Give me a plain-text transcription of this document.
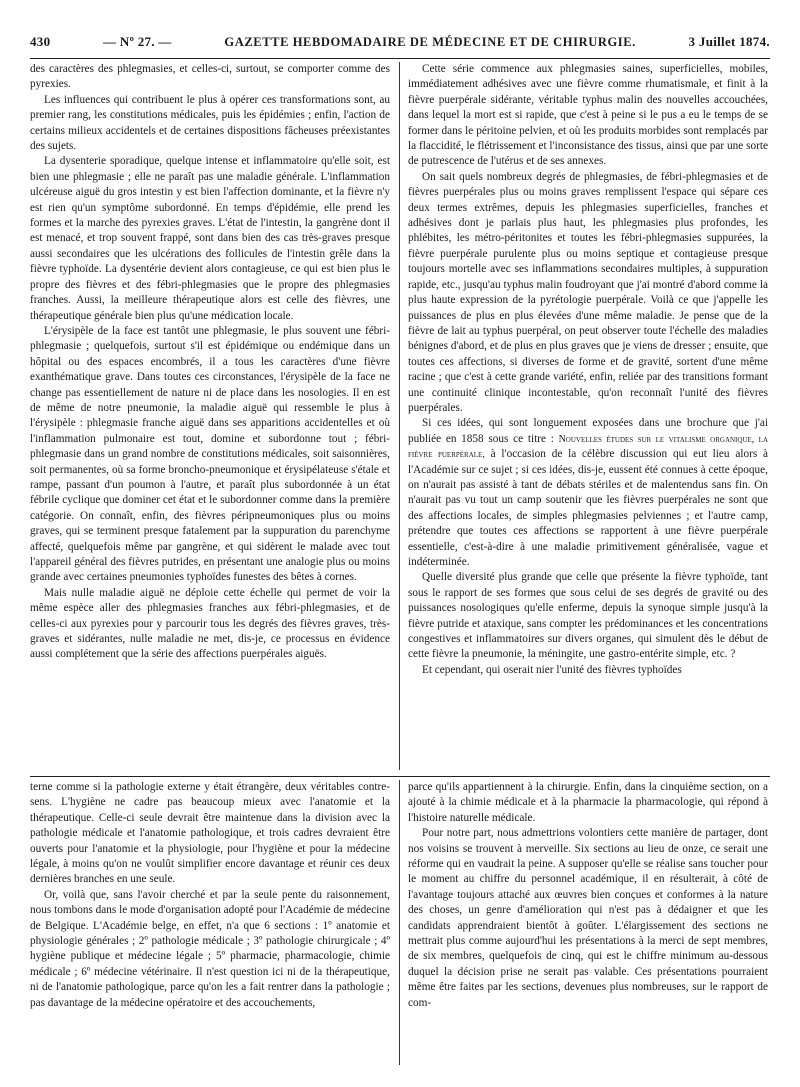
430	— Nº 27. —	GAZETTE HEBDOMADAIRE DE MÉDECINE ET DE CHIRURGIE.	3 Juillet 1874.

des caractères des phlegmasies, et celles-ci, surtout, se comporter comme des pyrexies.

Les influences qui contribuent le plus à opérer ces transformations sont, au premier rang, les constitutions médicales, puis les épidémies ; enfin, l'action de certains milieux accidentels et de certaines dispositions fâcheuses préexistantes des sujets.

La dysenterie sporadique, quelque intense et inflammatoire qu'elle soit, est bien une phlegmasie ; elle ne paraît pas une maladie générale. L'inflammation ulcéreuse aiguë du gros intestin y est bien l'affection dominante, et la fièvre n'y est rien qu'un symptôme subordonné. En temps d'épidémie, elle prend les formes et la marche des pyrexies graves. L'état de l'intestin, la gangrène dont il est menacé, et trop souvent frappé, sont dans bien des cas très-graves presque aussi secondaires que les ulcérations des follicules de l'intestin grêle dans la fièvre typhoïde. La dysentérie devient alors contagieuse, ce qui est bien plus le propre des fièvres et des fébri-phlegmasies que le propre des phlegmasies franches. Aussi, la meilleure thérapeutique alors est celle des fièvres, une thérapeutique générale bien plus qu'une médication locale.

L'érysipèle de la face est tantôt une phlegmasie, le plus souvent une fébri-phlegmasie ; quelquefois, surtout s'il est épidémique ou endémique dans un hôpital ou des espaces encombrés, il a tous les caractères d'une fièvre exanthématique grave. Dans toutes ces circonstances, l'érysipèle de la face ne change pas essentiellement de nature ni de place dans les nosologies. Il en est de même de notre pneumonie, la maladie aiguë qui ressemble le plus à l'érysipèle : phlegmasie franche aiguë dans ses apparitions accidentelles et où l'inflammation pulmonaire est tout, domine et subordonne tout ; fébri-phlegmasie dans un grand nombre de constitutions médicales, soit saisonnières, soit permanentes, où sa forme broncho-pneumonique et érysipélateuse s'étale et rampe, passant d'un poumon à l'autre, et paraît plus subordonnée à un état fébrile cyclique que dominer cet état et le subordonner comme dans la première catégorie. On connaît, enfin, des fièvres péripneumoniques plus ou moins graves, qui se terminent presque fatalement par la suppuration du parenchyme affecté, quelquefois même par gangrène, et qui sidèrent le malade avec tout l'appareil général des fièvres putrides, en présentant une analogie plus ou moins grande avec certaines pneumonies typhoïdes funestes des bêtes à cornes.

Mais nulle maladie aiguë ne déploie cette échelle qui permet de voir la même espèce aller des phlegmasies franches aux fébri-phlegmasies, et de celles-ci aux pyrexies pour y parcourir tous les degrés des fièvres graves, très-graves et sidérantes, nulle maladie ne met, dis-je, ce processus en évidence aussi complétement que la série des affections puerpérales aiguës.

Cette série commence aux phlegmasies saines, superficielles, mobiles, immédiatement adhésives avec une fièvre comme rhumatismale, et finit à la fièvre puerpérale sidérante, véritable typhus malin des nouvelles accouchées, dans lequel la mort est si rapide, que c'est à peine si le pus a eu le temps de se former dans le péritoine pelvien, et où les produits morbides sont remplacés par la flaccidité, le flétrissement et l'inconsistance des tissus, ainsi que par une sorte de putrescence de l'utérus et de ses annexes.

On sait quels nombreux degrés de phlegmasies, de fébri-phlegmasies et de fièvres puerpérales plus ou moins graves remplissent l'espace qui sépare ces deux termes extrêmes, depuis les phlegmasies superficielles, franches et adhésives dont je parlais plus haut, les phlegmasies plus profondes, les phlébites, les métro-péritonites et toutes les fébri-phlegmasies suppurées, la fièvre puerpérale purulente plus ou moins septique et contagieuse presque toujours mortelle avec ses inflammations secondaires multiples, à suppuration rapide, etc., jusqu'au typhus malin foudroyant que j'ai montré d'abord comme la plus haute expression de la pyrétologie puerpérale. Voilà ce que j'appelle les puissances de plus en plus élevées d'une même maladie. Je pense que de la fièvre de lait au typhus puerpéral, on peut observer toute l'échelle des maladies bénignes d'abord, et de plus en plus graves que je viens de dresser ; ensuite, que toutes ces affections, si diverses de forme et de gravité, sortent d'une même racine ; que c'est à cette grande variété, enfin, reliée par des transitions formant une continuité clinique incontestable, qu'on reconnaît l'unité des fièvres puerpérales.

Si ces idées, qui sont longuement exposées dans une brochure que j'ai publiée en 1858 sous ce titre : Nouvelles études sur le vitalisme organique, la fièvre puerpérale, à l'occasion de la célèbre discussion qui eut lieu alors à l'Académie sur ce sujet ; si ces idées, dis-je, eussent été connues à cette époque, on n'aurait pas assisté à tant de débats stériles et de malentendus sans fin. On n'aurait pas vu tout un camp soutenir que les fièvres puerpérales ne sont que des affections locales, de simples phlegmasies pelviennes ; et l'autre camp, prétendre que toutes ces affections se rapportent à une fièvre puerpérale essentielle, c'est-à-dire à une maladie primitivement généralisée, vague et indéterminée.

Quelle diversité plus grande que celle que présente la fièvre typhoïde, tant sous le rapport de ses formes que sous celui de ses degrés de gravité ou des puissances nosologiques qu'elle enferme, depuis la synoque simple jusqu'à la fièvre putride et ataxique, sans compter les prédominances et les concentrations congestives et inflammatoires sur divers organes, qui simulent dès le début de cette fièvre la pneumonie, la méningite, une gastro-entérite simple, etc. ?

Et cependant, qui oserait nier l'unité des fièvres typhoïdes

terne comme si la pathologie externe y était étrangère, deux véritables contre-sens. L'hygiène ne cadre pas beaucoup mieux avec l'anatomie et la thérapeutique. Celle-ci seule devrait être maintenue dans la division avec la pathologie médicale et l'anatomie pathologique, et trois cadres devraient être ouverts pour l'anatomie et la physiologie, pour l'hygiène et pour la médecine légale, à moins qu'on ne voulût simplifier encore davantage et réunir ces deux dernières branches en une seule.

Or, voilà que, sans l'avoir cherché et par la seule pente du raisonnement, nous tombons dans le mode d'organisation adopté pour l'Académie de médecine de Belgique. L'Académie belge, en effet, n'a que 6 sections : 1º anatomie et physiologie générales ; 2º pathologie médicale ; 3º pathologie chirurgicale ; 4º hygiène publique et médecine légale ; 5º pharmacie, pharmacologie, chimie médicale ; 6º médecine vétérinaire. Il n'est question ici ni de la thérapeutique, ni de l'anatomie pathologique, parce qu'on les a fait rentrer dans la pathologie ; pas davantage de la médecine opératoire et des accouchements,

parce qu'ils appartiennent à la chirurgie. Enfin, dans la cinquième section, on a ajouté à la chimie médicale et à la pharmacie la pharmacologie, qui répond à l'histoire naturelle médicale.

Pour notre part, nous admettrions volontiers cette manière de partager, dont nos voisins se trouvent à merveille. Six sections au lieu de onze, ce serait une réforme qui en vaudrait la peine. A supposer qu'elle se réalise sans toucher pour le moment au chiffre du personnel académique, il en résulterait, à côté de l'avantage toujours attaché aux œuvres bien conçues et conformes à la nature des choses, un genre d'amélioration qui n'est pas à dédaigner et que les candidats apprendraient bientôt à goûter. L'élargissement des sections ne mettrait plus comme aujourd'hui les présentations à la merci de sept membres, de six membres, quelquefois de cinq, qui est le chiffre minimum au-dessous duquel la décision prise ne serait pas valable. Ces présentations pourraient même être faites par les sections, devenues plus nombreuses, sur le rapport de com-
